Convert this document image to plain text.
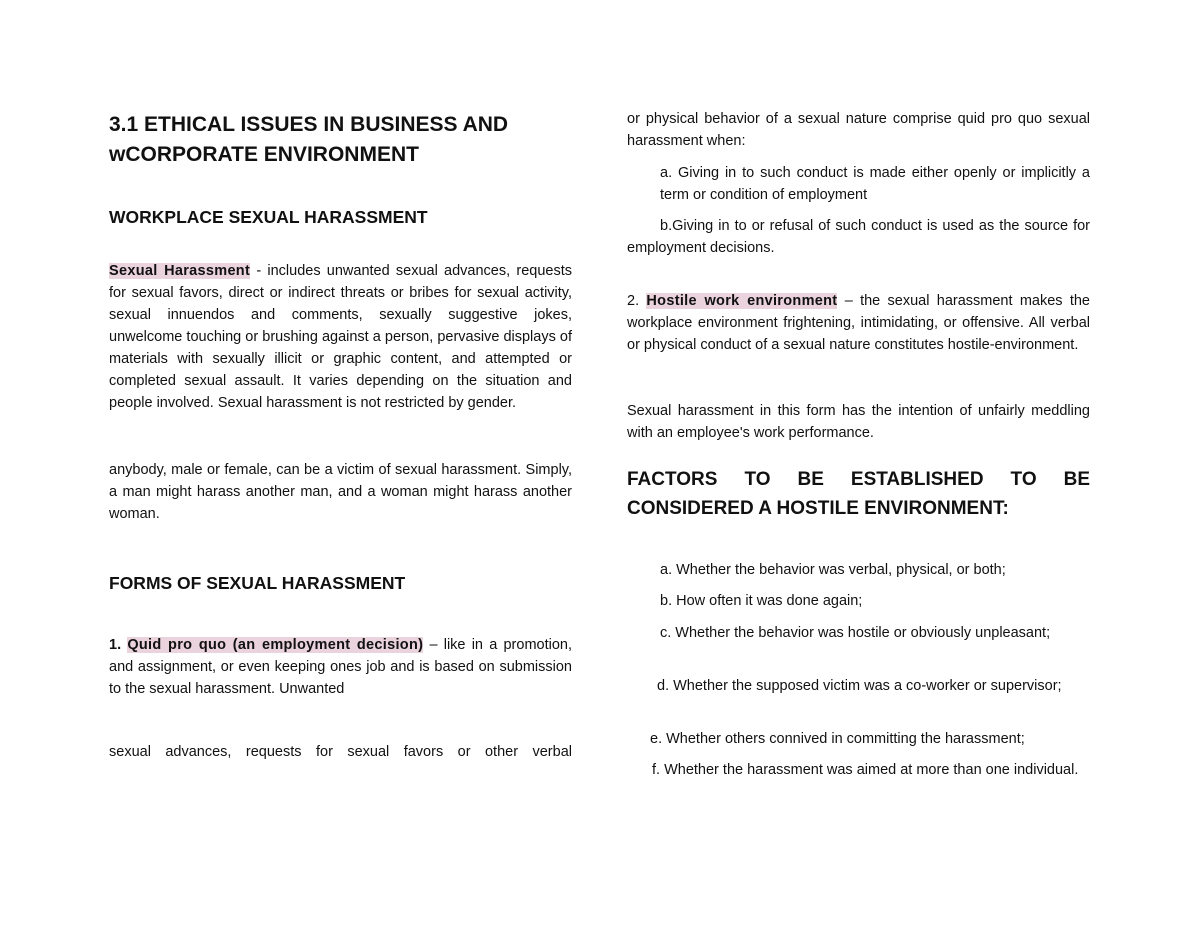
3.1 ETHICAL ISSUES IN BUSINESS AND wCORPORATE ENVIRONMENT
WORKPLACE SEXUAL HARASSMENT

Sexual Harassment - includes unwanted sexual advances, requests for sexual favors, direct or indirect threats or bribes for sexual activity, sexual innuendos and comments, sexually suggestive jokes, unwelcome touching or brushing against a person, pervasive displays of materials with sexually illicit or graphic content, and attempted or completed sexual assault. It varies depending on the situation and people involved. Sexual harassment is not restricted by gender.

anybody, male or female, can be a victim of sexual harassment. Simply, a man might harass another man, and a woman might harass another woman.

FORMS OF SEXUAL HARASSMENT

1. Quid pro quo (an employment decision) – like in a promotion, and assignment, or even keeping ones job and is based on submission to the sexual harassment. Unwanted

sexual advances, requests for sexual favors or other verbal

or physical behavior of a sexual nature comprise quid pro quo sexual harassment when:

a. Giving in to such conduct is made either openly or implicitly a term or condition of employment

b.Giving in to or refusal of such conduct is used as the source for employment decisions.

2. Hostile work environment – the sexual harassment makes the workplace environment frightening, intimidating, or offensive. All verbal or physical conduct of a sexual nature constitutes hostile-environment.

Sexual harassment in this form has the intention of unfairly meddling with an employee's work performance.

FACTORS TO BE ESTABLISHED TO BE CONSIDERED A HOSTILE ENVIRONMENT:

a. Whether the behavior was verbal, physical, or both;

b. How often it was done again;

c. Whether the behavior was hostile or obviously unpleasant;

d. Whether the supposed victim was a co-worker or supervisor;

e. Whether others connived in committing the harassment;

f. Whether the harassment was aimed at more than one individual.
